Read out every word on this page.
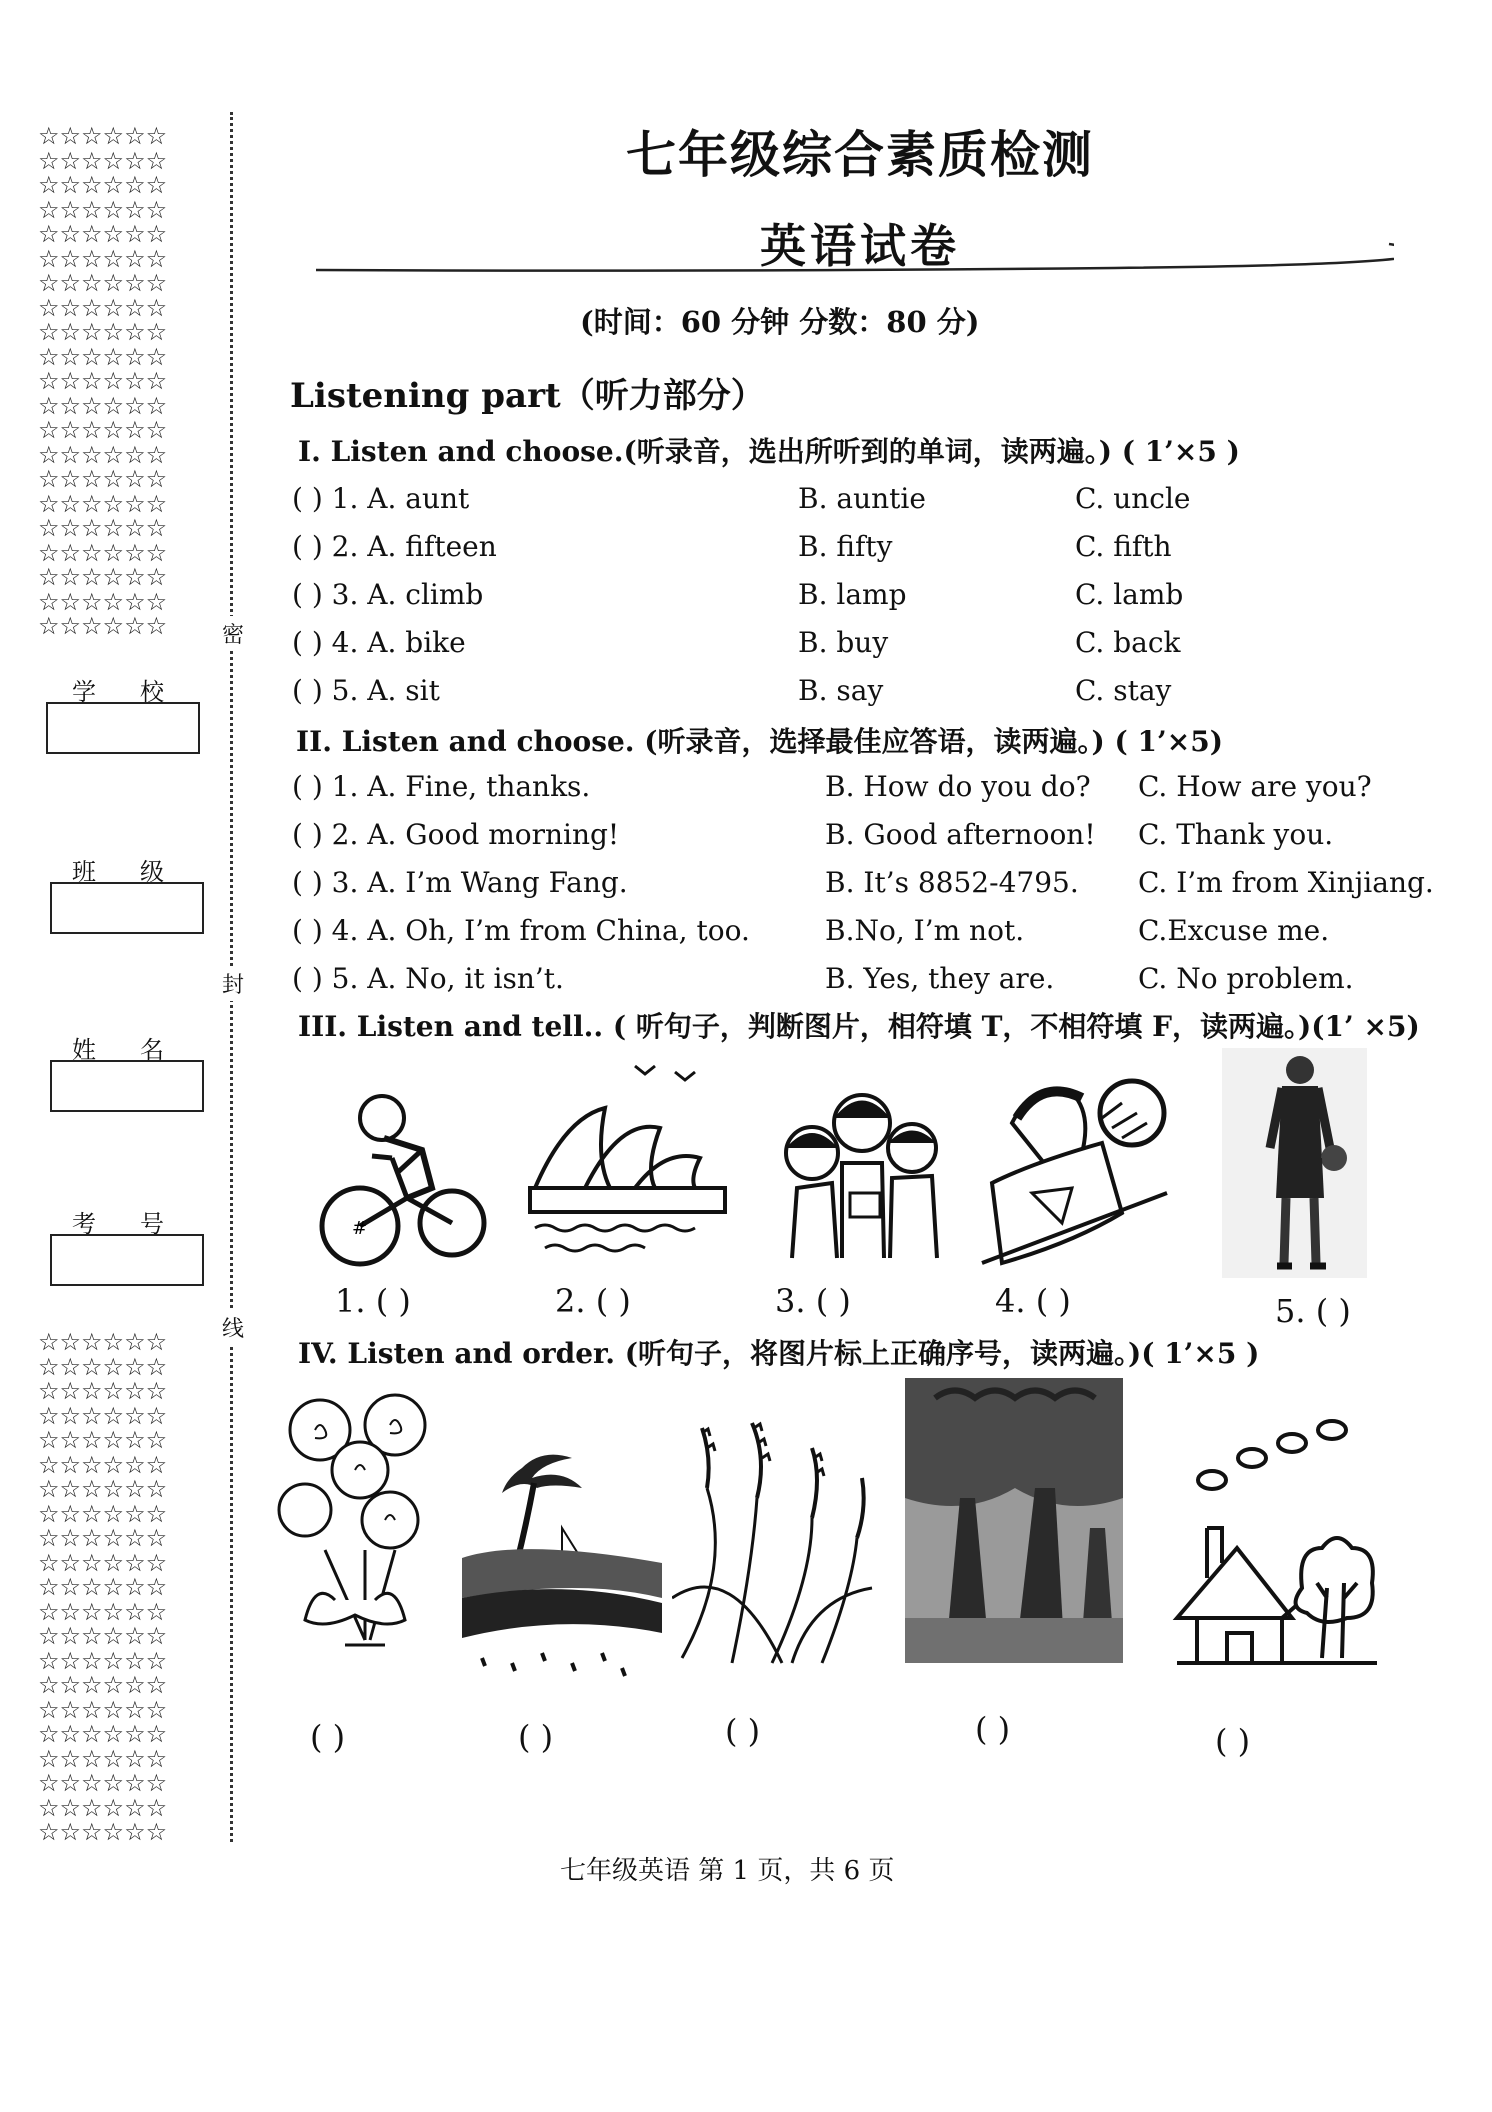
☆☆☆☆☆☆
☆☆☆☆☆☆
☆☆☆☆☆☆
☆☆☆☆☆☆
☆☆☆☆☆☆
☆☆☆☆☆☆
☆☆☆☆☆☆
☆☆☆☆☆☆
☆☆☆☆☆☆
☆☆☆☆☆☆
☆☆☆☆☆☆
☆☆☆☆☆☆
☆☆☆☆☆☆
☆☆☆☆☆☆
☆☆☆☆☆☆
☆☆☆☆☆☆
☆☆☆☆☆☆
☆☆☆☆☆☆
☆☆☆☆☆☆
☆☆☆☆☆☆
☆☆☆☆☆☆
☆☆☆☆☆☆
☆☆☆☆☆☆
☆☆☆☆☆☆
☆☆☆☆☆☆
☆☆☆☆☆☆
☆☆☆☆☆☆
☆☆☆☆☆☆
☆☆☆☆☆☆
☆☆☆☆☆☆
☆☆☆☆☆☆
☆☆☆☆☆☆
☆☆☆☆☆☆
☆☆☆☆☆☆
☆☆☆☆☆☆
☆☆☆☆☆☆
☆☆☆☆☆☆
☆☆☆☆☆☆
☆☆☆☆☆☆
☆☆☆☆☆☆
☆☆☆☆☆☆
☆☆☆☆☆☆
学校
班级
姓名
考号
密
封
线
七年级综合素质检测
英语试卷
(时间：60 分钟 分数：80 分)
Listening part（听力部分）
Ⅰ. Listen and choose.(听录音，选出所听到的单词，读两遍。) ( 1’×5 )
( ) 1. A. aunt	B. auntie	C. uncle
( ) 2. A. fifteen	B. fifty	C. fifth
( ) 3. A. climb	B. lamp	C. lamb
( ) 4. A. bike	B. buy	C. back
( ) 5. A. sit	B. say	C. stay
II. Listen and choose. (听录音，选择最佳应答语，读两遍。) ( 1’×5)
( ) 1. A. Fine, thanks.	B. How do you do? C. How are you?
( ) 2. A. Good morning!	B. Good afternoon! C. Thank you.
( ) 3. A. I’m Wang Fang.	B. It’s 8852-4795. C. I’m from Xinjiang.
( ) 4. A. Oh, I’m from China, too.	B.No, I’m not.	C.Excuse me.
( ) 5. A. No, it isn’t.	B. Yes, they are.	C. No problem.
III. Listen and tell.. ( 听句子，判断图片，相符填 T，不相符填 F，读两遍。)(1’ ×5)
#
1. ( )	2. ( )	3. ( )	4. ( )	5. ( )
IV. Listen and order. (听句子，将图片标上正确序号，读两遍。)( 1’×5 )
( )	( )	( )	( )	( )
七年级英语 第 1 页，共 6 页
